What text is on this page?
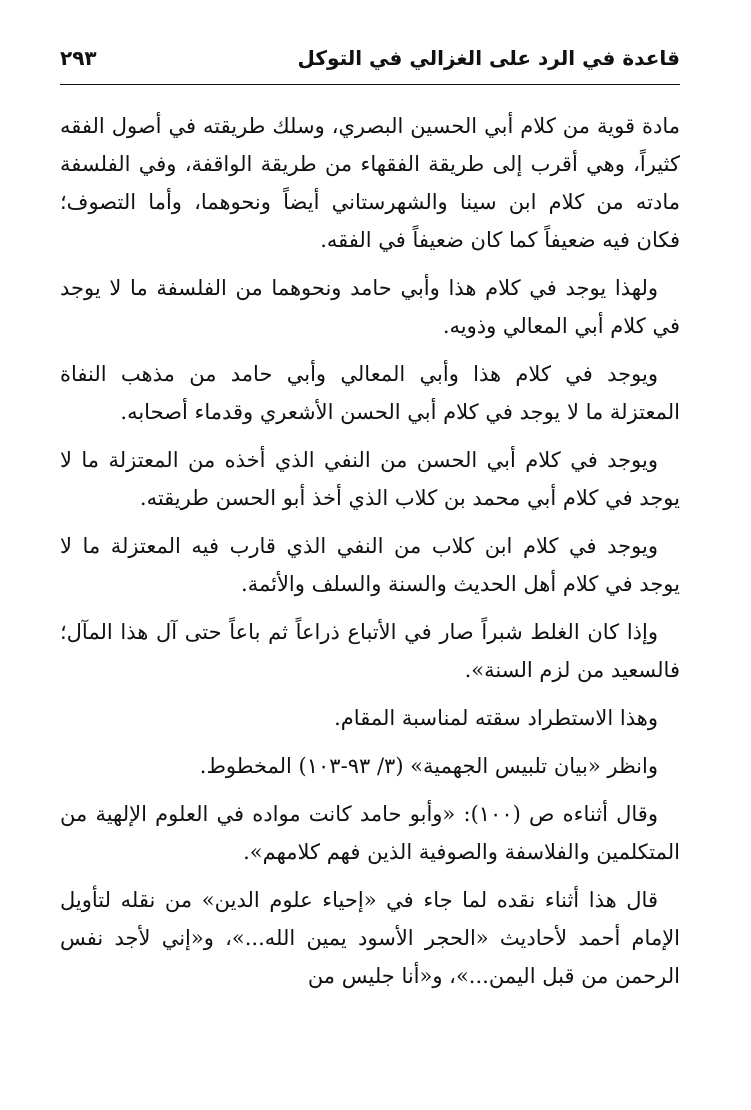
قاعدة في الرد على الغزالي في التوكل
٢٩٣

مادة قوية من كلام أبي الحسين البصري، وسلك طريقته في أصول الفقه كثيراً، وهي أقرب إلى طريقة الفقهاء من طريقة الواقفة، وفي الفلسفة مادته من كلام ابن سينا والشهرستاني أيضاً ونحوهما، وأما التصوف؛ فكان فيه ضعيفاً كما كان ضعيفاً في الفقه.

ولهذا يوجد في كلام هذا وأبي حامد ونحوهما من الفلسفة ما لا يوجد في كلام أبي المعالي وذويه.

ويوجد في كلام هذا وأبي المعالي وأبي حامد من مذهب النفاة المعتزلة ما لا يوجد في كلام أبي الحسن الأشعري وقدماء أصحابه.

ويوجد في كلام أبي الحسن من النفي الذي أخذه من المعتزلة ما لا يوجد في كلام أبي محمد بن كلاب الذي أخذ أبو الحسن طريقته.

ويوجد في كلام ابن كلاب من النفي الذي قارب فيه المعتزلة ما لا يوجد في كلام أهل الحديث والسنة والسلف والأئمة.

وإذا كان الغلط شبراً صار في الأتباع ذراعاً ثم باعاً حتى آل هذا المآل؛ فالسعيد من لزم السنة».

وهذا الاستطراد سقته لمناسبة المقام.

وانظر «بيان تلبيس الجهمية» (٣/ ٩٣-١٠٣) المخطوط.

وقال أثناءه ص (١٠٠): «وأبو حامد كانت مواده في العلوم الإلهية من المتكلمين والفلاسفة والصوفية الذين فهم كلامهم».

قال هذا أثناء نقده لما جاء في «إحياء علوم الدين» من نقله لتأويل الإمام أحمد لأحاديث «الحجر الأسود يمين الله...»، و«إني لأجد نفس الرحمن من قبل اليمن...»، و«أنا جليس من
